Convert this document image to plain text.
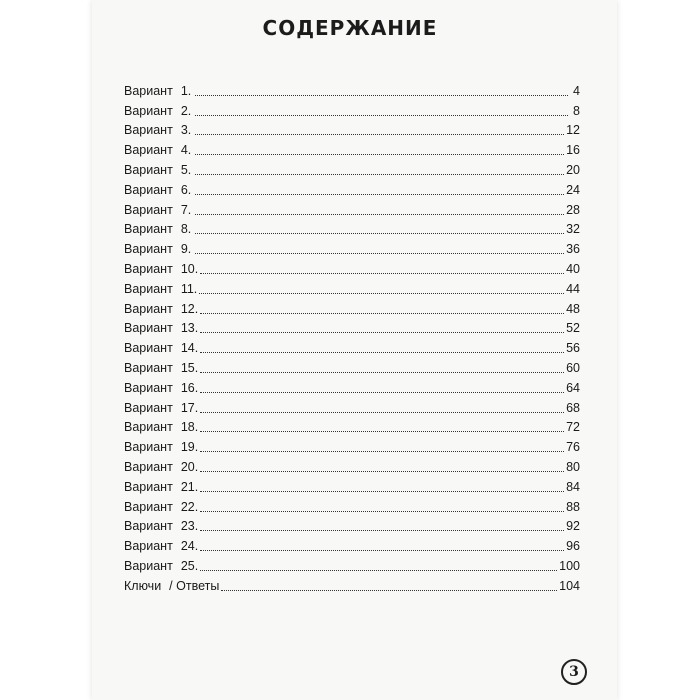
СОДЕРЖАНИЕ
Вариант 1.	4
Вариант 2.	8
Вариант 3.	12
Вариант 4.	16
Вариант 5.	20
Вариант 6.	24
Вариант 7.	28
Вариант 8.	32
Вариант 9.	36
Вариант 10.	40
Вариант 11.	44
Вариант 12.	48
Вариант 13.	52
Вариант 14.	56
Вариант 15.	60
Вариант 16.	64
Вариант 17.	68
Вариант 18.	72
Вариант 19.	76
Вариант 20.	80
Вариант 21.	84
Вариант 22.	88
Вариант 23.	92
Вариант 24.	96
Вариант 25.	100
Ключи / Ответы	104
3
